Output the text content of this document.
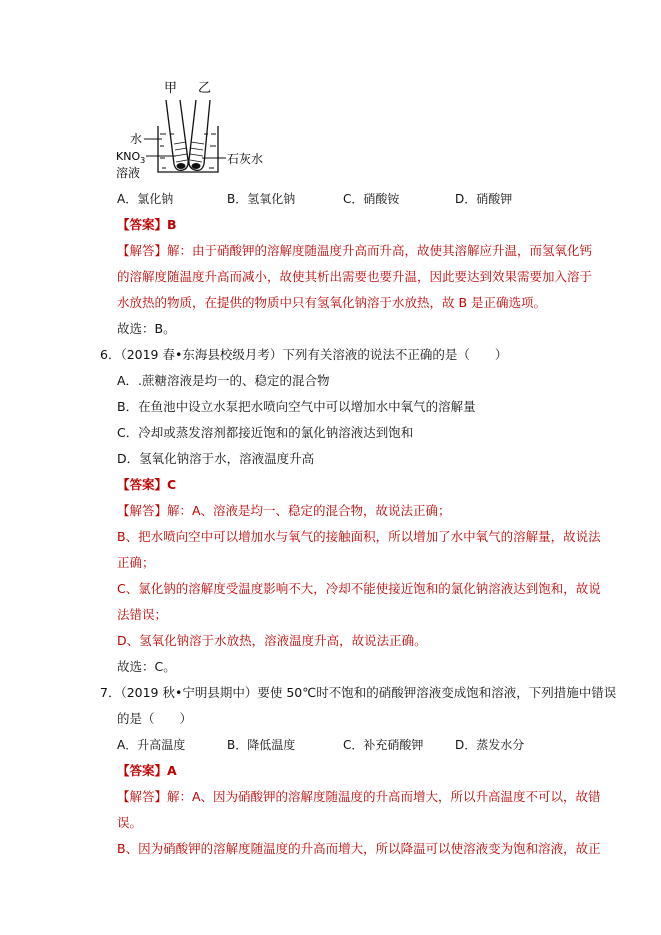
甲 乙
水
$KNO_3$
溶液
石灰水
A．氯化钠	B．氢氧化钠	C．硝酸铵	D．硝酸钾
【答案】B
【解答】解：由于硝酸钾的溶解度随温度升高而升高，故使其溶解应升温，而氢氧化钙
的溶解度随温度升高而减小，故使其析出需要也要升温，因此要达到效果需要加入溶于
水放热的物质，在提供的物质中只有氢氧化钠溶于水放热，故 B 是正确选项。
故选：B。
6．（2019 春•东海县校级月考）下列有关溶液的说法不正确的是（　　）
A．.蔗糖溶液是均一的、稳定的混合物
B．在鱼池中设立水泵把水喷向空气中可以增加水中氧气的溶解量
C．冷却或蒸发溶剂都接近饱和的氯化钠溶液达到饱和
D．氢氧化钠溶于水，溶液温度升高
【答案】C
【解答】解：A、溶液是均一、稳定的混合物，故说法正确；
B、把水喷向空中可以增加水与氧气的接触面积，所以增加了水中氧气的溶解量，故说法
正确；
C、氯化钠的溶解度受温度影响不大，冷却不能使接近饱和的氯化钠溶液达到饱和，故说
法错误；
D、氢氧化钠溶于水放热，溶液温度升高，故说法正确。
故选：C。
7．（2019 秋•宁明县期中）要使 50℃时不饱和的硝酸钾溶液变成饱和溶液，下列措施中错误
的是（　　）
A．升高温度	B．降低温度	C．补充硝酸钾	D．蒸发水分
【答案】A
【解答】解：A、因为硝酸钾的溶解度随温度的升高而增大，所以升高温度不可以，故错
误。
B、因为硝酸钾的溶解度随温度的升高而增大，所以降温可以使溶液变为饱和溶液，故正
